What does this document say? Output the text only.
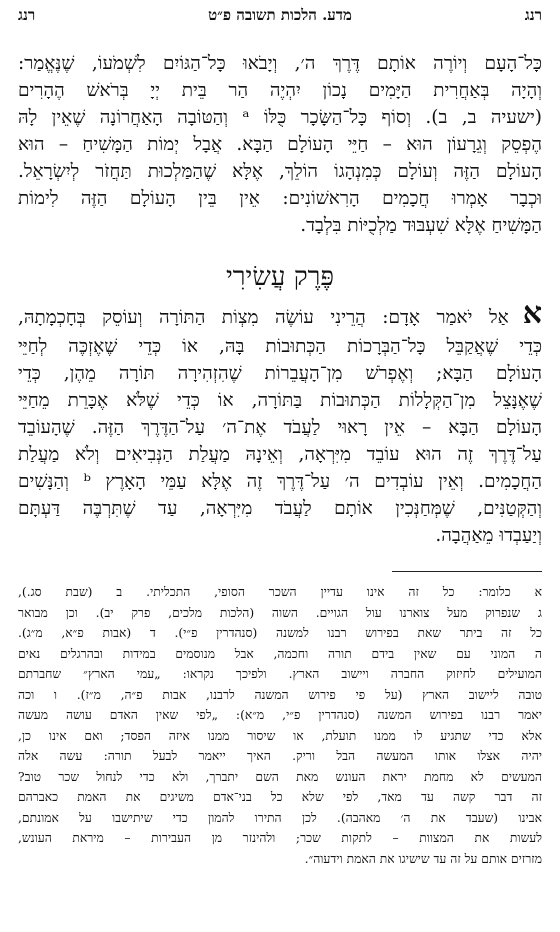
רנג
מדע. הלכות תשובה פ״ט
רנג
כָּל־הָעָם וְיוֹרֶה אוֹתָם דֶּרֶךְ ה׳, וְיָבֹאוּ כָּל־הַגּוֹיִם לִשְׁמֹעוֹ, שֶׁנֶּאֱמַר:
וְהָיָה בְּאַחֲרִית הַיָּמִים נָכוֹן יִהְיֶה הַר בֵּית יְיָ בְּרֹאשׁ הֶהָרִים
(ישעיה ב, ב). וְסוֹף כָּל־הַשָּׂכָר כֻּלּוֹ ᵃ וְהַטּוֹבָה הָאַחֲרוֹנָה שֶׁאֵין לָהּ
הֶפְסֵק וְגֵרָעוֹן הוּא – חַיֵּי הָעוֹלָם הַבָּא. אֲבָל יְמוֹת הַמָּשִׁיחַ – הוּא
הָעוֹלָם הַזֶּה וְעוֹלָם כְּמִנְהָגוֹ הוֹלֵךְ, אֶלָּא שֶׁהַמַּלְכוּת תַּחֲזֹר לְיִשְׂרָאֵל.
וּכְבָר אָמְרוּ חֲכָמִים הָרִאשׁוֹנִים: אֵין בֵּין הָעוֹלָם הַזֶּה לִימוֹת
הַמָּשִׁיחַ אֶלָּא שִׁעְבּוּד מַלְכֻיּוֹת בִּלְבָד.
פֶּרֶק עֲשִׂירִי
א
אַל יֹאמַר אָדָם: הֲרֵינִי עוֹשֶׂה מִצְוֹת הַתּוֹרָה וְעוֹסֵק בְּחָכְמָתָהּ,
כְּדֵי שֶׁאֲקַבֵּל כָּל־הַבְּרָכוֹת הַכְּתוּבוֹת בָּהּ, אוֹ כְּדֵי שֶׁאֶזְכֶּה לְחַיֵּי
הָעוֹלָם הַבָּא; וְאֶפְרֹשׁ מִן־הָעֲבֵרוֹת שֶׁהִזְהִירָה תּוֹרָה מֵהֶן, כְּדֵי
שֶׁאֶנָּצֵל מִן־הַקְּלָלוֹת הַכְּתוּבוֹת בַּתּוֹרָה, אוֹ כְּדֵי שֶׁלֹּא אֶכָּרֵת מֵחַיֵּי
הָעוֹלָם הַבָּא – אֵין רָאוּי לַעֲבֹד אֶת־ה׳ עַל־הַדֶּרֶךְ הַזֶּה. שֶׁהָעוֹבֵד
עַל־דֶּרֶךְ זֶה הוּא עוֹבֵד מִיִּרְאָה, וְאֵינָהּ מַעֲלַת הַנְּבִיאִים וְלֹא מַעֲלַת
הַחֲכָמִים. וְאֵין עוֹבְדִים ה׳ עַל־דֶּרֶךְ זֶה אֶלָּא עַמֵּי הָאָרֶץ ᵇ וְהַנָּשִׁים
וְהַקְּטַנִּים, שֶׁמְּחַנְּכִין אוֹתָם לַעֲבֹד מִיִּרְאָה, עַד שֶׁתִּרְבֶּה דַּעְתָּם
וְיַעַבְדוּ מֵאַהֲבָה.
א כלומר: כל זה אינו עדיין השכר הסופי, התכליתי. ב (שבת סג.),
ג שנפרוק מעל צוארנו עול הגויים. השוה (הלכות מלכים, פרק יב). וכן מבואר
כל זה ביתר שאת בפירוש רבנו למשנה (סנהדרין פ״י). ד (אבות פ״א, מ״ג).
ה המוני עם שאין בידם תורה וחכמה, אבל מנוסמים במידות ובהרגלים נאים
המועילים לחיזוק החברה ויישוב הארץ. ולפיכך נקראו: „עמי הארץ״ שחברתם
טובה ליישוב הארץ (על פי פירוש המשנה לרבנו, אבות פ״ה, מ״ז). ו וכה
יאמר רבנו בפירוש המשנה (סנהדרין פ״י, מ״א): „לפי שאין האדם עושה מעשה
אלא כדי שתגיע לו ממנו תועלת, או שיסור ממנו איזה הפסד; ואם אינו כן,
יהיה אצלו אותו המעשה הבל וריק. האיך ייאמר לבעל תורה: עשה אלה
המעשים לא מחמת יראת העונש מאת השם יתברך, ולא כדי לנחול שכר טוב?
זה דבר קשה עד מאד, לפי שלא כל בני־אדם משיגים את האמת כאברהם
אבינו (שעבד את ה׳ מאהבה). לכן התירו להמון כדי שיתישבו על אמונתם,
לעשות את המצוות – לתקות שכר; ולהינזר מן העבירות – מיראת העונש,
מזרזים אותם על זה עד שישיגו את האמת וידעוה״.
